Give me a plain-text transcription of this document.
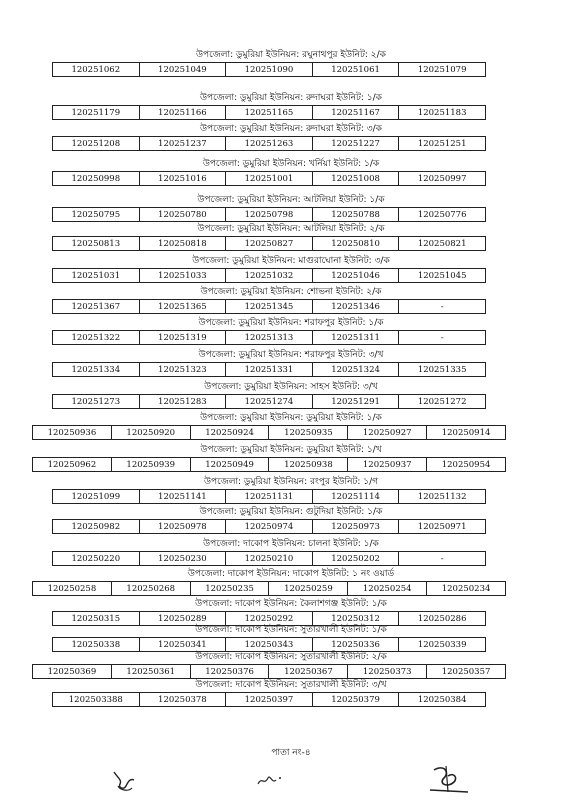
উপজেলা: ডুমুরিয়া ইউনিয়ন: রঘুনাথপুর ইউনিট: ২/ক
120251062	120251049	120251090	120251061	120251079
উপজেলা: ডুমুরিয়া ইউনিয়ন: রুদাঘরা ইউনিট: ১/ক
120251179	120251166	120251165	120251167	120251183
উপজেলা: ডুমুরিয়া ইউনিয়ন: রুদাঘরা ইউনিট: ৩/ক
120251208	120251237	120251263	120251227	120251251
উপজেলা: ডুমুরিয়া ইউনিয়ন: খর্নিয়া ইউনিট: ১/ক
120250998	120251016	120251001	120251008	120250997
উপজেলা: ডুমুরিয়া ইউনিয়ন: আটলিয়া ইউনিট: ১/ক
120250795	120250780	120250798	120250788	120250776
উপজেলা: ডুমুরিয়া ইউনিয়ন: আটলিয়া ইউনিট: ২/ক
120250813	120250818	120250827	120250810	120250821
উপজেলা: ডুমুরিয়া ইউনিয়ন: মাগুরাঘোনা ইউনিট: ৩/ক
120251031	120251033	120251032	120251046	120251045
উপজেলা: ডুমুরিয়া ইউনিয়ন: শোভনা ইউনিট: ২/ক
120251367	120251365	120251345	120251346	-
উপজেলা: ডুমুরিয়া ইউনিয়ন: শরাফপুর ইউনিট: ১/ক
120251322	120251319	120251313	120251311	-
উপজেলা: ডুমুরিয়া ইউনিয়ন: শরাফপুর ইউনিট: ৩/খ
120251334	120251323	120251331	120251324	120251335
উপজেলা: ডুমুরিয়া ইউনিয়ন: সাহস ইউনিট: ৩/খ
120251273	120251283	120251274	120251291	120251272
উপজেলা: ডুমুরিয়া ইউনিয়ন: ডুমুরিয়া ইউনিট: ১/ক
120250936	120250920	120250924	120250935	120250927	120250914
উপজেলা: ডুমুরিয়া ইউনিয়ন: ডুমুরিয়া ইউনিট: ১/খ
120250962	120250939	120250949	120250938	120250937	120250954
উপজেলা: ডুমুরিয়া ইউনিয়ন: রংপুর ইউনিট: ১/গ
120251099	120251141	120251131	120251114	120251132
উপজেলা: ডুমুরিয়া ইউনিয়ন: গুটুদিয়া ইউনিট: ১/ক
120250982	120250978	120250974	120250973	120250971
উপজেলা: দাকোপ ইউনিয়ন: চালনা ইউনিট: ১/ক
120250220	120250230	120250210	120250202	-
উপজেলা: দাকোপ ইউনিয়ন: দাকোপ ইউনিট: ১ নং ওয়ার্ড
120250258	120250268	120250235	120250259	120250254	120250234
উপজেলা: দাকোপ ইউনিয়ন: কৈলাশগঞ্জ ইউনিট: ১/ক
120250315	120250289	120250292	120250312	120250286
উপজেলা: দাকোপ ইউনিয়ন: সুতারখালী ইউনিট: ১/ক
120250338	120250341	120250343	120250336	120250339
উপজেলা: দাকোপ ইউনিয়ন: সুতারখালী ইউনিট: ২/ক
120250369	120250361	120250376	120250367	120250373	120250357
উপজেলা: দাকোপ ইউনিয়ন: সুতারখালী ইউনিট: ৩/খ
1202503388	120250378	120250397	120250379	120250384
পাতা নং-৪
